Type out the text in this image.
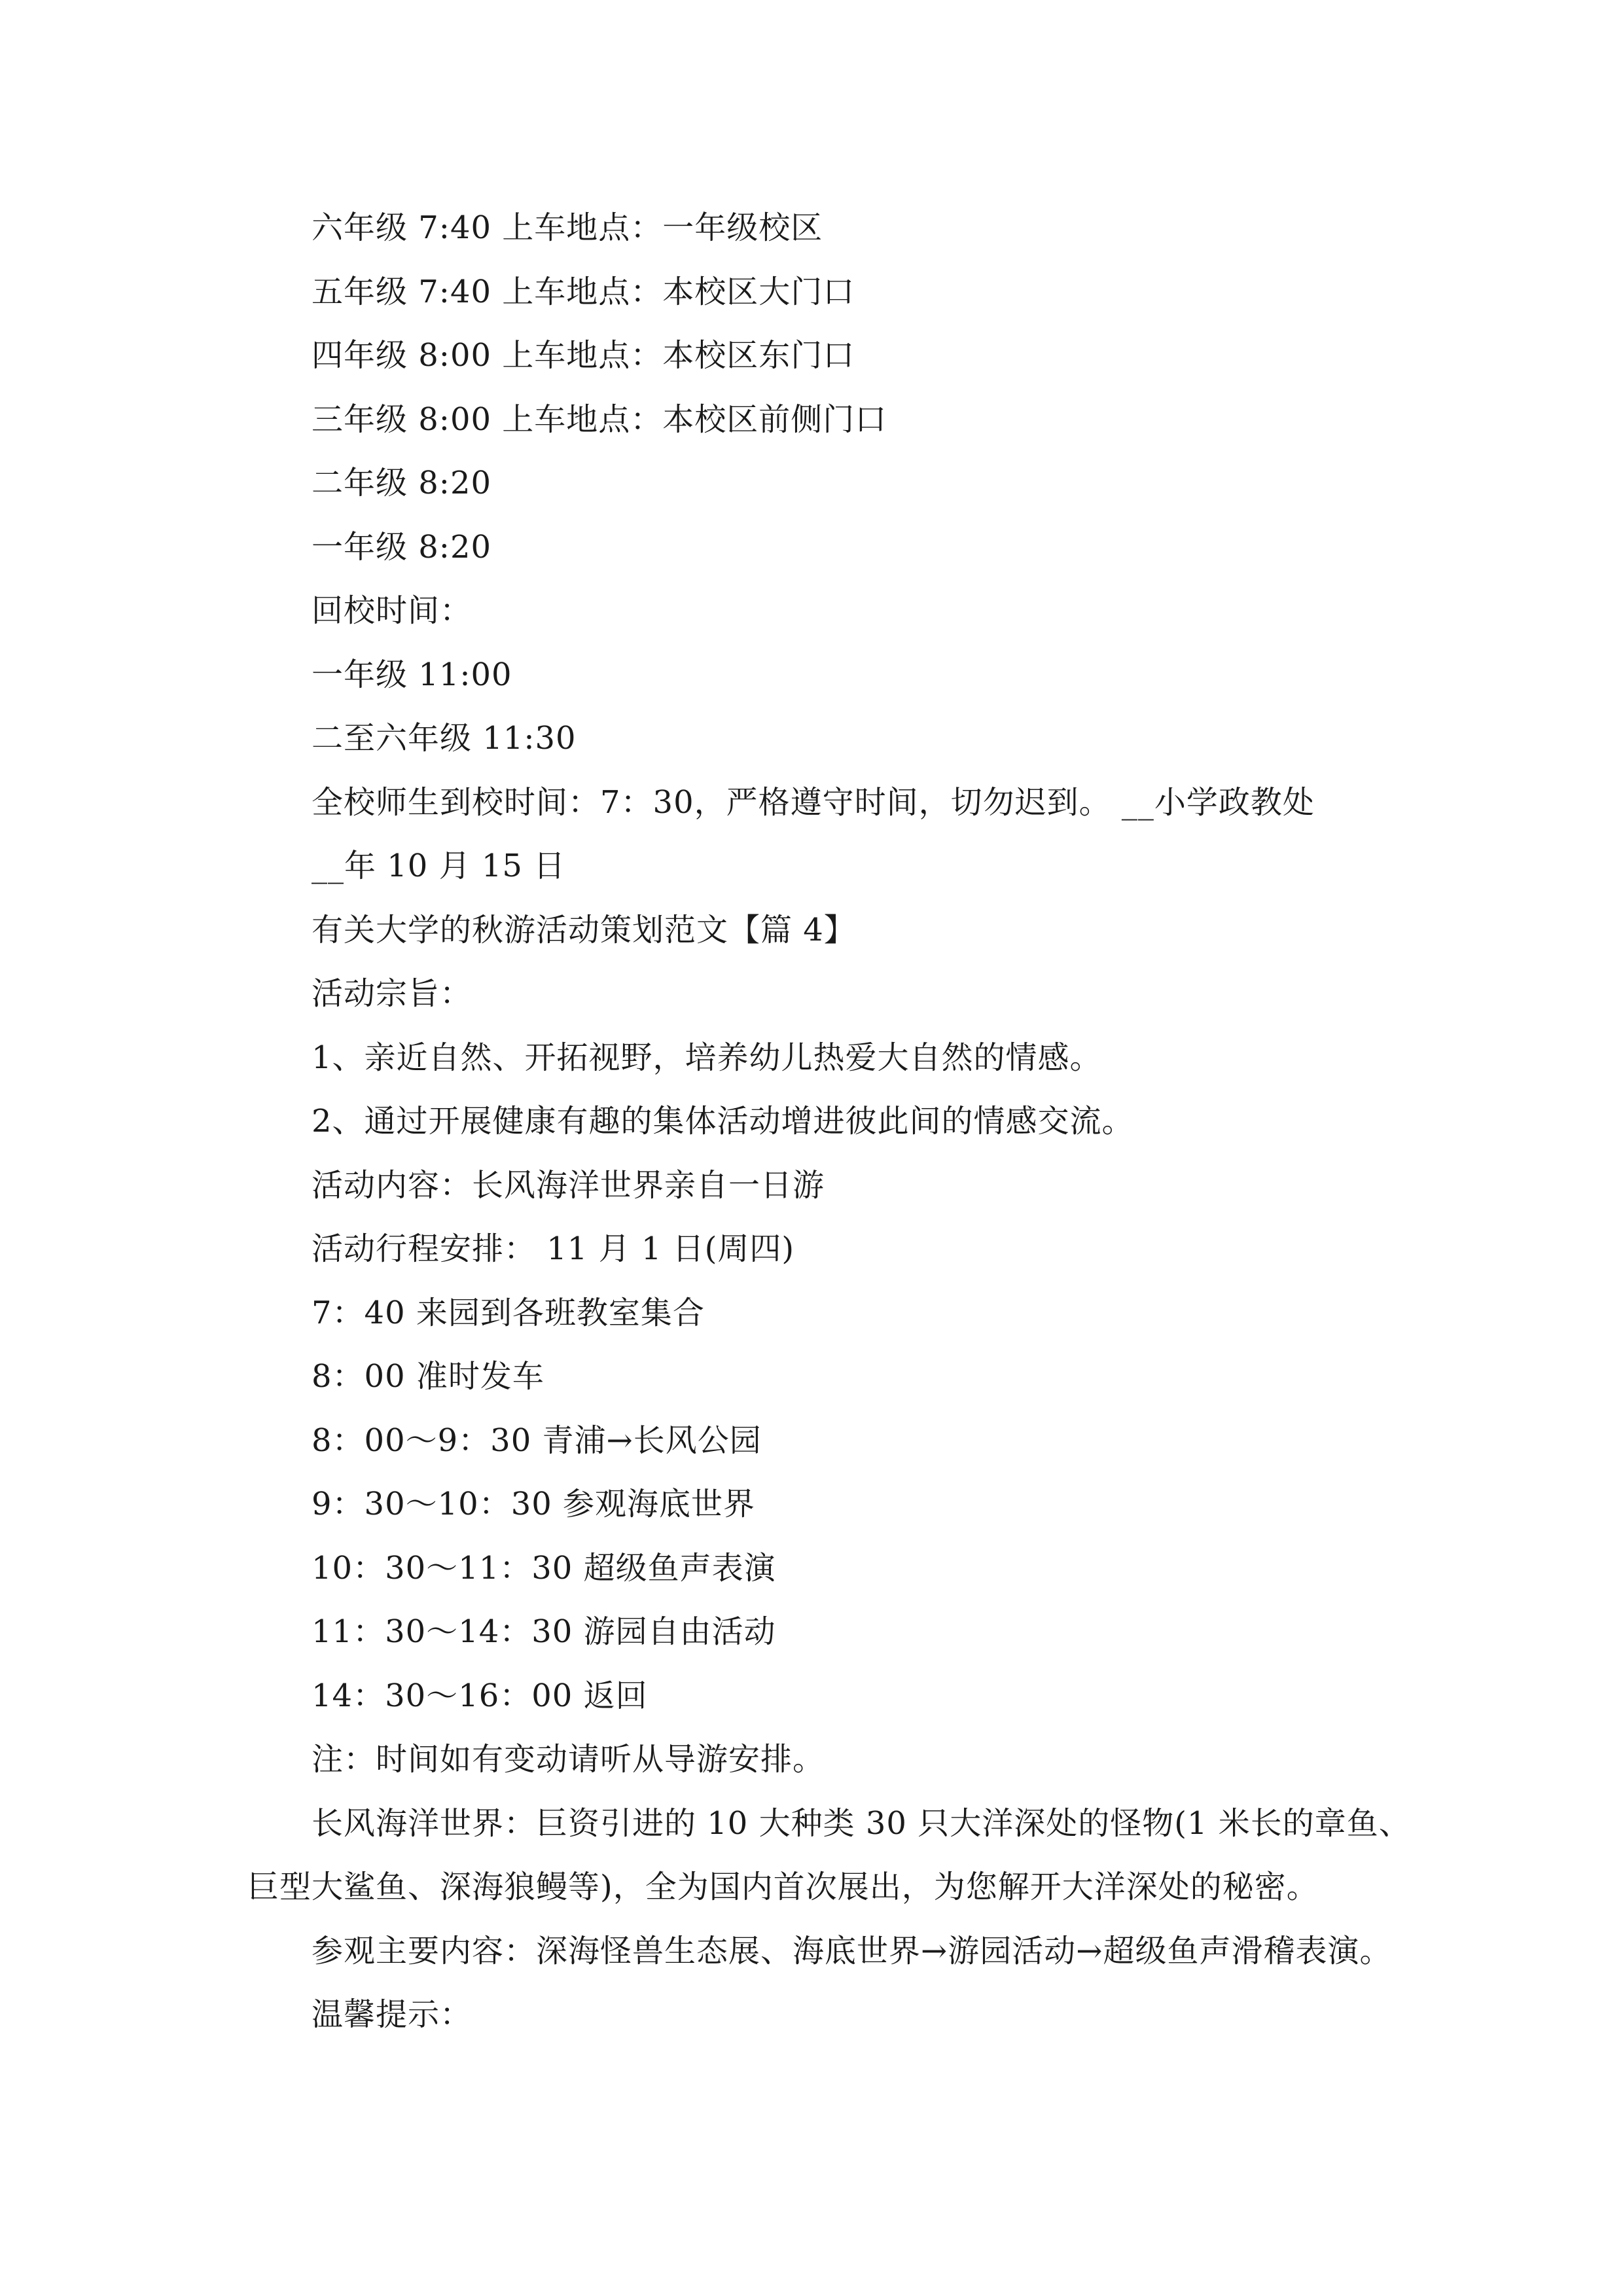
六年级 7:40 上车地点：一年级校区
五年级 7:40 上车地点：本校区大门口
四年级 8:00 上车地点：本校区东门口
三年级 8:00 上车地点：本校区前侧门口
二年级 8:20
一年级 8:20
回校时间：
一年级 11:00
二至六年级 11:30
全校师生到校时间：7：30，严格遵守时间，切勿迟到。 __小学政教处
__年 10 月 15 日
有关大学的秋游活动策划范文【篇 4】
活动宗旨：
1、亲近自然、开拓视野，培养幼儿热爱大自然的情感。
2、通过开展健康有趣的集体活动增进彼此间的情感交流。
活动内容：长风海洋世界亲自一日游
活动行程安排： 11 月 1 日(周四)
7：40 来园到各班教室集合
8：00 准时发车
8：00～9：30 青浦→长风公园
9：30～10：30 参观海底世界
10：30～11：30 超级鱼声表演
11：30～14：30 游园自由活动
14：30～16：00 返回
注：时间如有变动请听从导游安排。
长风海洋世界：巨资引进的 10 大种类 30 只大洋深处的怪物(1 米长的章鱼、
巨型大鲨鱼、深海狼鳗等)，全为国内首次展出，为您解开大洋深处的秘密。
参观主要内容：深海怪兽生态展、海底世界→游园活动→超级鱼声滑稽表演。
温馨提示：
